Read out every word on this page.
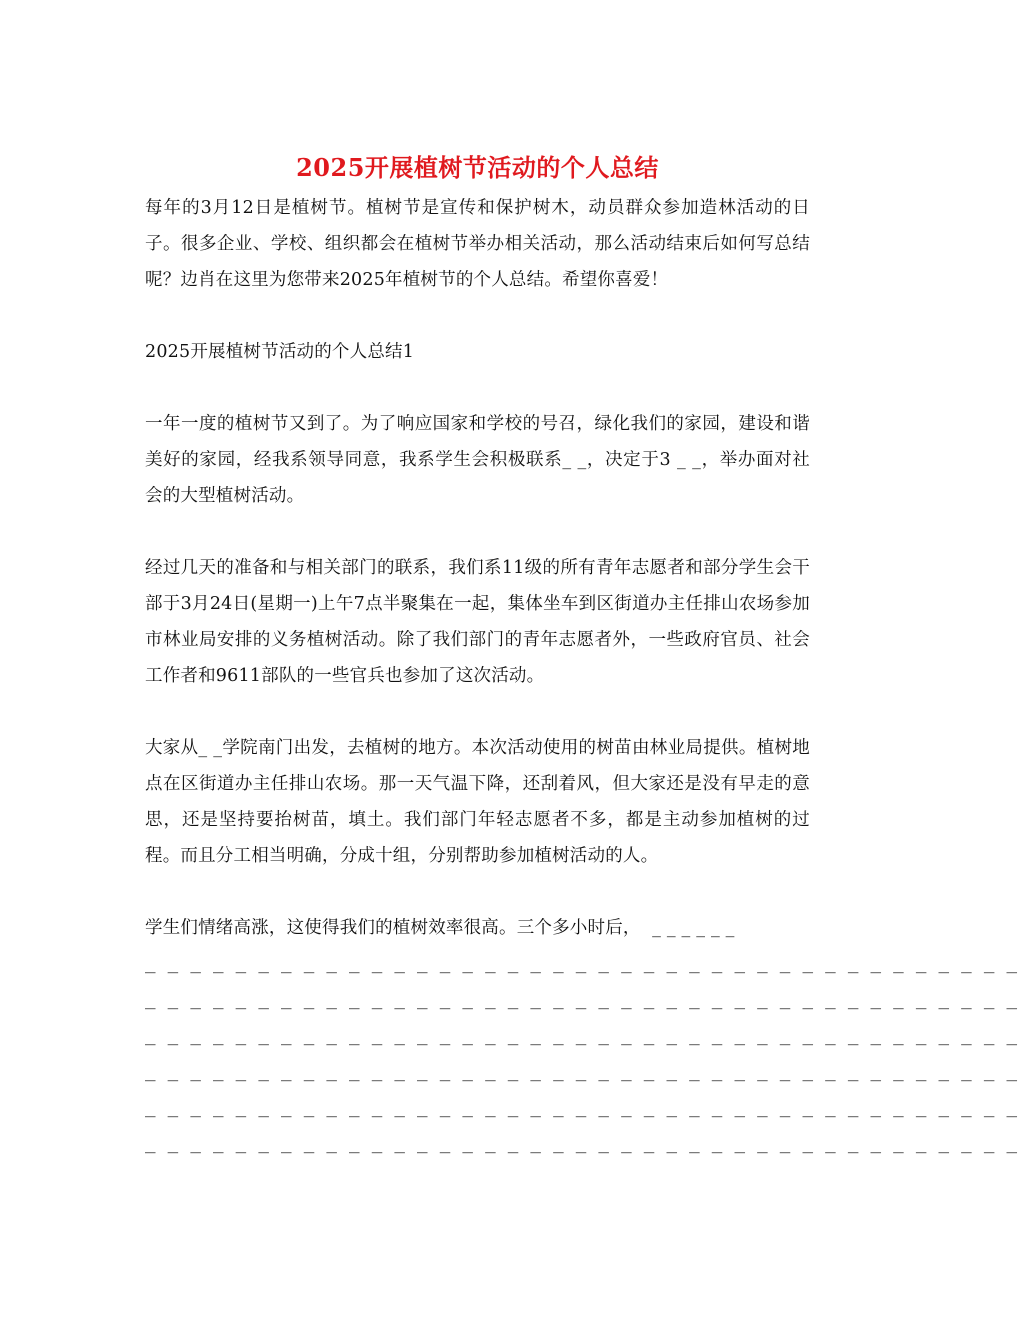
2025开展植树节活动的个人总结

每年的3月12日是植树节。植树节是宣传和保护树木，动员群众参加造林活动的日子。很多企业、学校、组织都会在植树节举办相关活动，那么活动结束后如何写总结呢？边肖在这里为您带来2025年植树节的个人总结。希望你喜爱！

2025开展植树节活动的个人总结1

一年一度的植树节又到了。为了响应国家和学校的号召，绿化我们的家园，建设和谐美好的家园，经我系领导同意，我系学生会积极联系_ _，决定于3 _ _，举办面对社会的大型植树活动。

经过几天的准备和与相关部门的联系，我们系11级的所有青年志愿者和部分学生会干部于3月24日(星期一)上午7点半聚集在一起，集体坐车到区街道办主任排山农场参加市林业局安排的义务植树活动。除了我们部门的青年志愿者外，一些政府官员、社会工作者和9611部队的一些官兵也参加了这次活动。

大家从_ _学院南门出发，去植树的地方。本次活动使用的树苗由林业局提供。植树地点在区街道办主任排山农场。那一天气温下降，还刮着风，但大家还是没有早走的意思，还是坚持要抬树苗，填土。我们部门年轻志愿者不多，都是主动参加植树的过程。而且分工相当明确，分成十组，分别帮助参加植树活动的人。

学生们情绪高涨，这使得我们的植树效率很高。三个多小时后，  _ _ _ _ _ _

_ _ _ _ _ _ _ _ _ _ _ _ _ _ _ _ _ _ _ _ _ _ _ _ _ _ _ _ _ _ _ _ _ _ _ _ _ _ _
_ _ _ _ _ _ _ _ _ _ _ _ _ _ _ _ _ _ _ _ _ _ _ _ _ _ _ _ _ _ _ _ _ _ _ _ _ _ _
_ _ _ _ _ _ _ _ _ _ _ _ _ _ _ _ _ _ _ _ _ _ _ _ _ _ _ _ _ _ _ _ _ _ _ _ _ _ _
_ _ _ _ _ _ _ _ _ _ _ _ _ _ _ _ _ _ _ _ _ _ _ _ _ _ _ _ _ _ _ _ _ _ _ _ _ _ _
_ _ _ _ _ _ _ _ _ _ _ _ _ _ _ _ _ _ _ _ _ _ _ _ _ _ _ _ _ _ _ _ _ _ _ _ _ _ _
_ _ _ _ _ _ _ _ _ _ _ _ _ _ _ _ _ _ _ _ _ _ _ _ _ _ _ _ _ _ _ _ _ _ _ _ _ _ _
